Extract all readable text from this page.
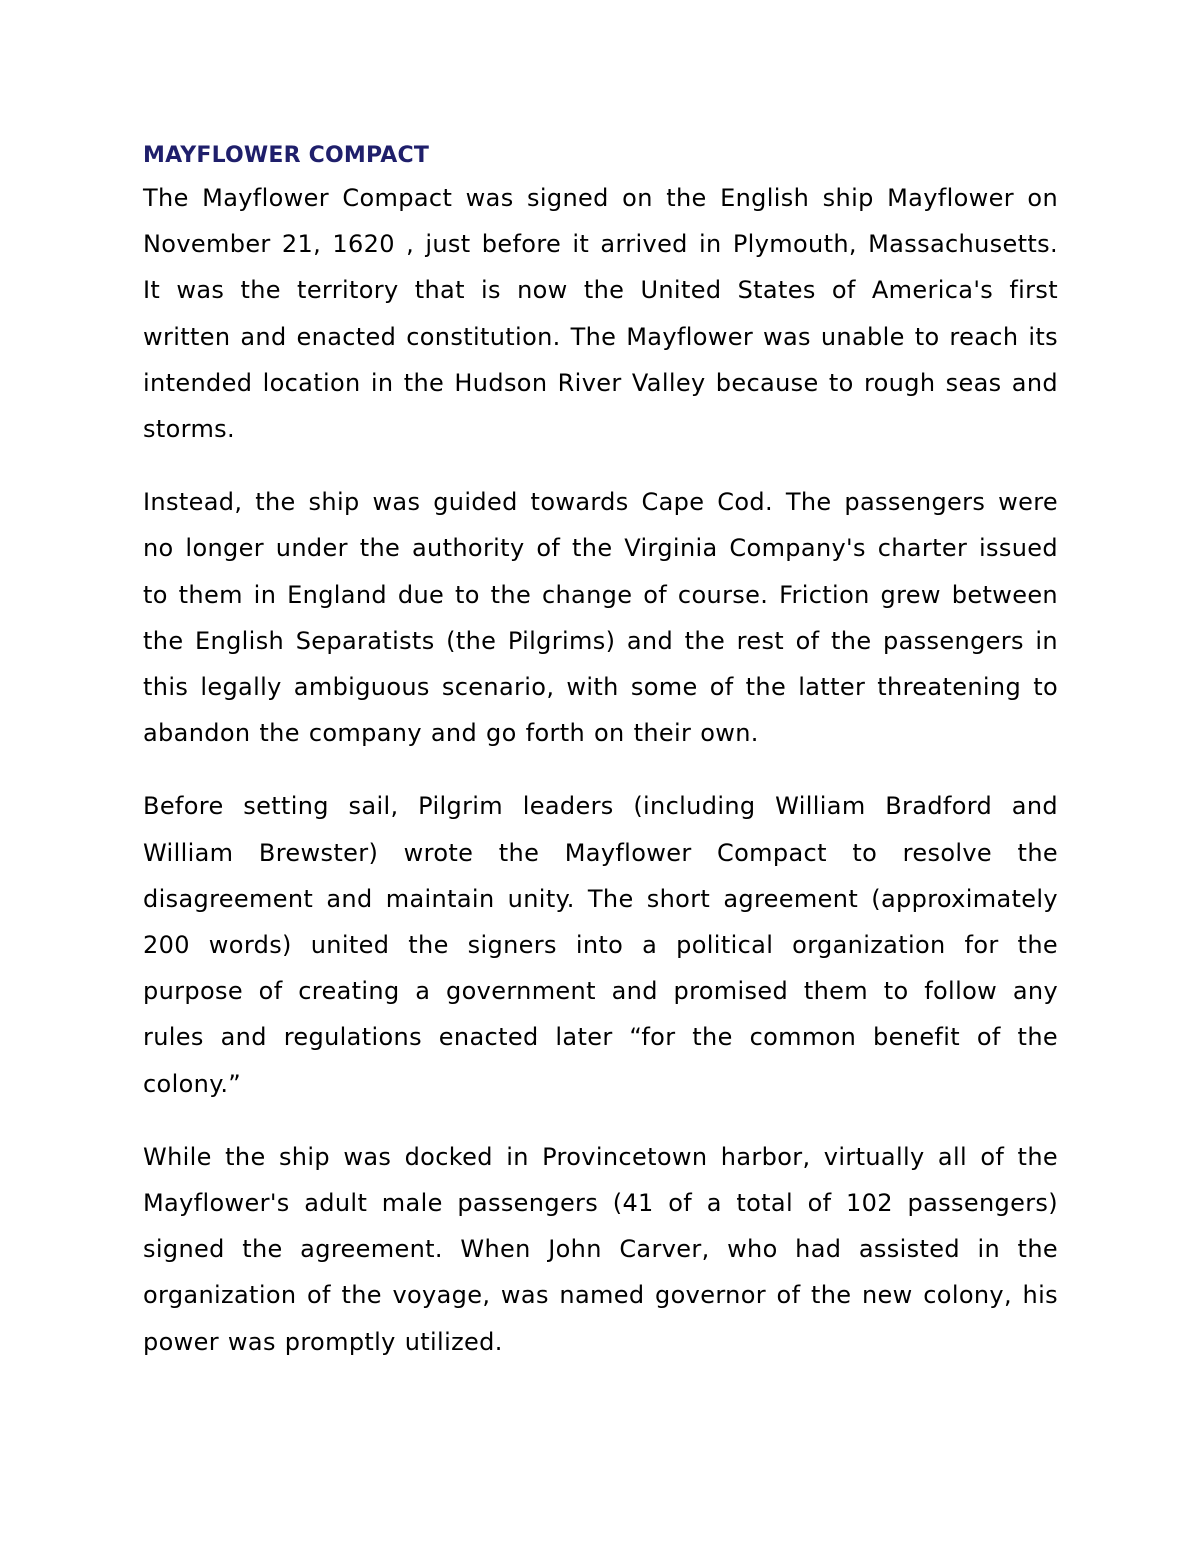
MAYFLOWER COMPACT

The Mayflower Compact was signed on the English ship Mayflower on November 21, 1620 , just before it arrived in Plymouth, Massachusetts. It was the territory that is now the United States of America's first written and enacted constitution. The Mayflower was unable to reach its intended location in the Hudson River Valley because to rough seas and storms.

Instead, the ship was guided towards Cape Cod. The passengers were no longer under the authority of the Virginia Company's charter issued to them in England due to the change of course. Friction grew between the English Separatists (the Pilgrims) and the rest of the passengers in this legally ambiguous scenario, with some of the latter threatening to abandon the company and go forth on their own.

Before setting sail, Pilgrim leaders (including William Bradford and William Brewster) wrote the Mayflower Compact to resolve the disagreement and maintain unity. The short agreement (approximately 200 words) united the signers into a political organization for the purpose of creating a government and promised them to follow any rules and regulations enacted later “for the common benefit of the colony.”

While the ship was docked in Provincetown harbor, virtually all of the Mayflower's adult male passengers (41 of a total of 102 passengers) signed the agreement. When John Carver, who had assisted in the organization of the voyage, was named governor of the new colony, his power was promptly utilized.
